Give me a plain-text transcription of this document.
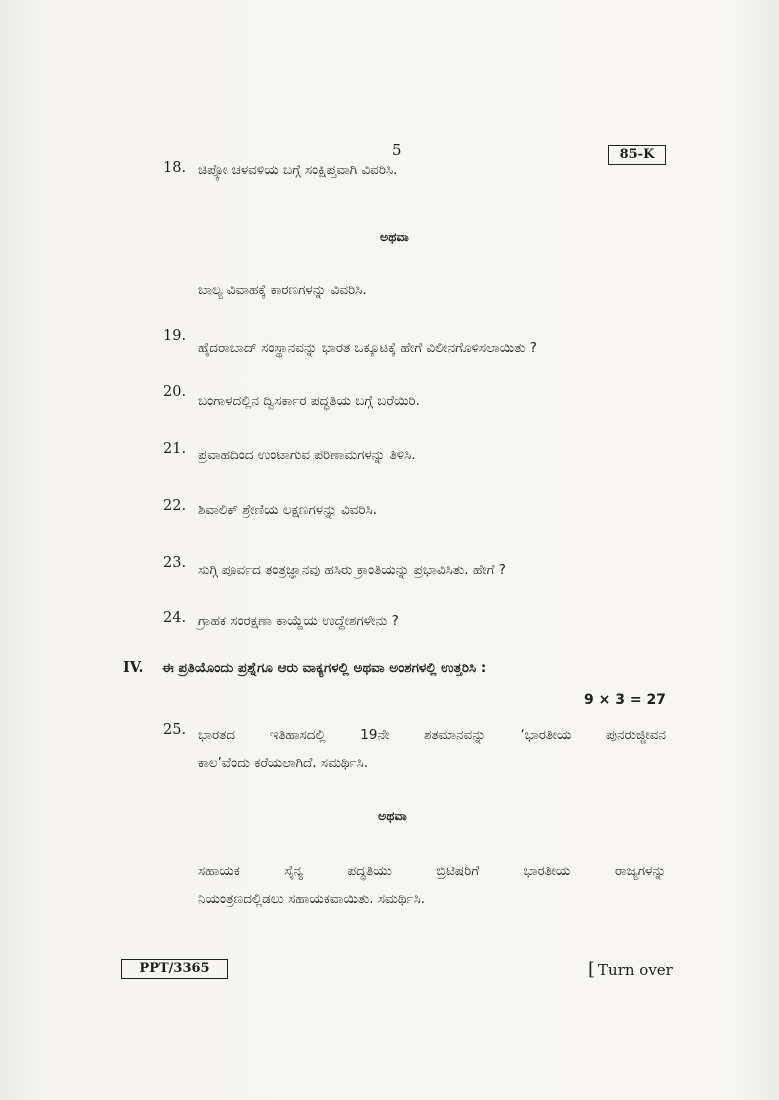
5	85-K
18. ಚಿಪ್ಕೋ ಚಳವಳಿಯ ಬಗ್ಗೆ ಸಂಕ್ಷಿಪ್ತವಾಗಿ ವಿವರಿಸಿ.
ಅಥವಾ
ಬಾಲ್ಯ ವಿವಾಹಕ್ಕೆ ಕಾರಣಗಳನ್ನು ವಿವರಿಸಿ.
19.
ಹೈದರಾಬಾದ್ ಸಂಸ್ಥಾನವನ್ನು ಭಾರತ ಒಕ್ಕೂಟಕ್ಕೆ ಹೇಗೆ ವಿಲೀನಗೊಳಿಸಲಾಯಿತು ?
20.
ಬಂಗಾಳದಲ್ಲಿನ ದ್ವಿಸರ್ಕಾರ ಪದ್ಧತಿಯ ಬಗ್ಗೆ ಬರೆಯಿರಿ.
21. ಪ್ರವಾಹದಿಂದ ಉಂಟಾಗುವ ಪರಿಣಾಮಗಳನ್ನು ತಿಳಿಸಿ.
22. ಶಿವಾಲಿಕ್ ಶ್ರೇಣಿಯ ಲಕ್ಷಣಗಳನ್ನು ವಿವರಿಸಿ.
23. ಸುಗ್ಗಿ ಪೂರ್ವದ ತಂತ್ರಜ್ಞಾನವು ಹಸಿರು ಕ್ರಾಂತಿಯನ್ನು ಪ್ರಭಾವಿಸಿತು. ಹೇಗೆ ?
24. ಗ್ರಾಹಕ ಸಂರಕ್ಷಣಾ ಕಾಯ್ದೆಯ ಉದ್ದೇಶಗಳೇನು ?
IV. ಈ ಪ್ರತಿಯೊಂದು ಪ್ರಶ್ನೆಗೂ ಆರು ವಾಕ್ಯಗಳಲ್ಲಿ ಅಥವಾ ಅಂಶಗಳಲ್ಲಿ ಉತ್ತರಿಸಿ :
9 × 3 = 27
25. ಭಾರತದ ಇತಿಹಾಸದಲ್ಲಿ 19ನೇ ಶತಮಾನವನ್ನು ‘ಭಾರತೀಯ ಪುನರುಜ್ಜೀವನ
ಕಾಲ’ವೆಂದು ಕರೆಯಲಾಗಿದೆ. ಸಮರ್ಥಿಸಿ.
ಅಥವಾ
ಸಹಾಯಕ ಸೈನ್ಯ ಪದ್ಧತಿಯು ಬ್ರಿಟಿಷರಿಗೆ ಭಾರತೀಯ ರಾಜ್ಯಗಳನ್ನು
ನಿಯಂತ್ರಣದಲ್ಲಿಡಲು ಸಹಾಯಕವಾಯಿತು. ಸಮರ್ಥಿಸಿ.
PPT/3365	[ Turn over
